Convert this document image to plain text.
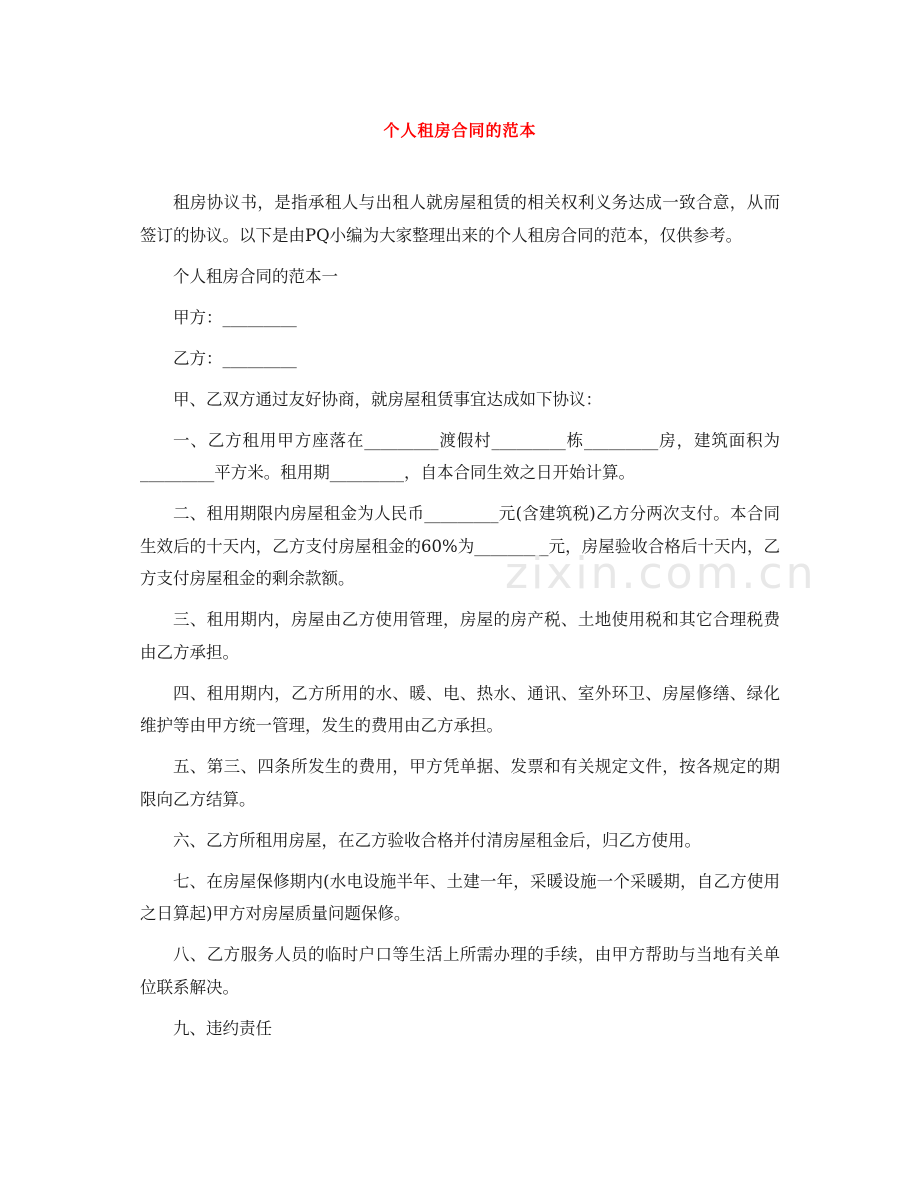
个人租房合同的范本

租房协议书，是指承租人与出租人就房屋租赁的相关权利义务达成一致合意，从而签订的协议。以下是由PQ小编为大家整理出来的个人租房合同的范本，仅供参考。

个人租房合同的范本一

甲方：_________

乙方：_________

甲、乙双方通过友好协商，就房屋租赁事宜达成如下协议：

一、乙方租用甲方座落在_________渡假村_________栋_________房，建筑面积为_________平方米。租用期_________，自本合同生效之日开始计算。

二、租用期限内房屋租金为人民币_________元(含建筑税)乙方分两次支付。本合同生效后的十天内，乙方支付房屋租金的60%为_________元，房屋验收合格后十天内，乙方支付房屋租金的剩余款额。

三、租用期内，房屋由乙方使用管理，房屋的房产税、土地使用税和其它合理税费由乙方承担。

四、租用期内，乙方所用的水、暖、电、热水、通讯、室外环卫、房屋修缮、绿化维护等由甲方统一管理，发生的费用由乙方承担。

五、第三、四条所发生的费用，甲方凭单据、发票和有关规定文件，按各规定的期限向乙方结算。

六、乙方所租用房屋，在乙方验收合格并付清房屋租金后，归乙方使用。

七、在房屋保修期内(水电设施半年、土建一年，采暖设施一个采暖期，自乙方使用之日算起)甲方对房屋质量问题保修。

八、乙方服务人员的临时户口等生活上所需办理的手续，由甲方帮助与当地有关单位联系解决。

九、违约责任

zixin.com.cn
